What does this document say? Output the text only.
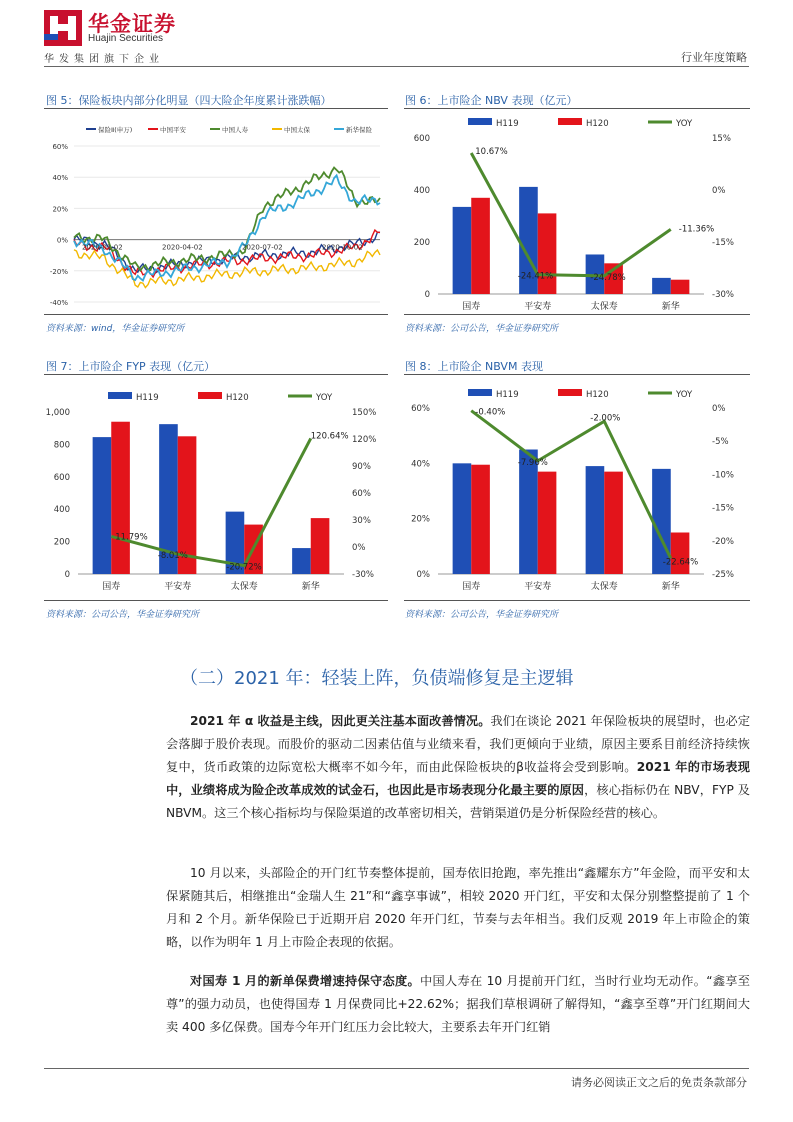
华金证券
Huajin Securities
华发集团旗下企业	行业年度策略
图 5：保险板块内部分化明显（四大险企年度累计涨跌幅）	图 6：上市险企 NBV 表现（亿元）
资料来源：wind，华金证券研究所	资料来源：公司公告，华金证券研究所
图 7：上市险企 FYP 表现（亿元）	图 8：上市险企 NBVM 表现
资料来源：公司公告，华金证券研究所	资料来源：公司公告，华金证券研究所
保险Ⅱ(申万)	中国平安	中国人寿	中国太保	新华保险
60%
40%
20%
0%
-20%
-40%
2020-01-02	2020-04-02	2020-07-02	2020-10-02
H119	H120	YOY
600
400
200
0
15%
0%
-15%
-30%
国寿	平安寿	太保寿	新华
10.67%
-24.41%	-24.78%
-11.36%
H119	H120	YOY
1,000
800
600
400
200
0
150%
120%
90%
60%
30%
0%
-30%
国寿	平安寿	太保寿	新华
11.79%
-8.01%
-20.72%
120.64%
H119	H120	YOY
60%
40%
20%
0%
0%
-5%
-10%
-15%
-20%
-25%
国寿	平安寿	太保寿	新华
-0.40%
-7.96%
-2.00%
-22.64%
（二）2021 年：轻装上阵，负债端修复是主逻辑

2021 年 α 收益是主线，因此更关注基本面改善情况。我们在谈论 2021 年保险板块的展望时，也必定会落脚于股价表现。而股价的驱动二因素估值与业绩来看，我们更倾向于业绩，原因主要系目前经济持续恢复中，货币政策的边际宽松大概率不如今年，而由此保险板块的β收益将会受到影响。2021 年的市场表现中，业绩将成为险企改革成效的试金石，也因此是市场表现分化最主要的原因，核心指标仍在 NBV，FYP 及 NBVM。这三个核心指标均与保险渠道的改革密切相关，营销渠道仍是分析保险经营的核心。

10 月以来，头部险企的开门红节奏整体提前，国寿依旧抢跑，率先推出“鑫耀东方”年金险，而平安和太保紧随其后，相继推出“金瑞人生 21”和“鑫享事诚”，相较 2020 开门红，平安和太保分别整整提前了 1 个月和 2 个月。新华保险已于近期开启 2020 年开门红，节奏与去年相当。我们反观 2019 年上市险企的策略，以作为明年 1 月上市险企表现的依据。

对国寿 1 月的新单保费增速持保守态度。中国人寿在 10 月提前开门红，当时行业均无动作。“鑫享至尊”的强力动员，也使得国寿 1 月保费同比+22.62%；据我们草根调研了解得知，“鑫享至尊”开门红期间大卖 400 多亿保费。国寿今年开门红压力会比较大，主要系去年开门红销

请务必阅读正文之后的免责条款部分
